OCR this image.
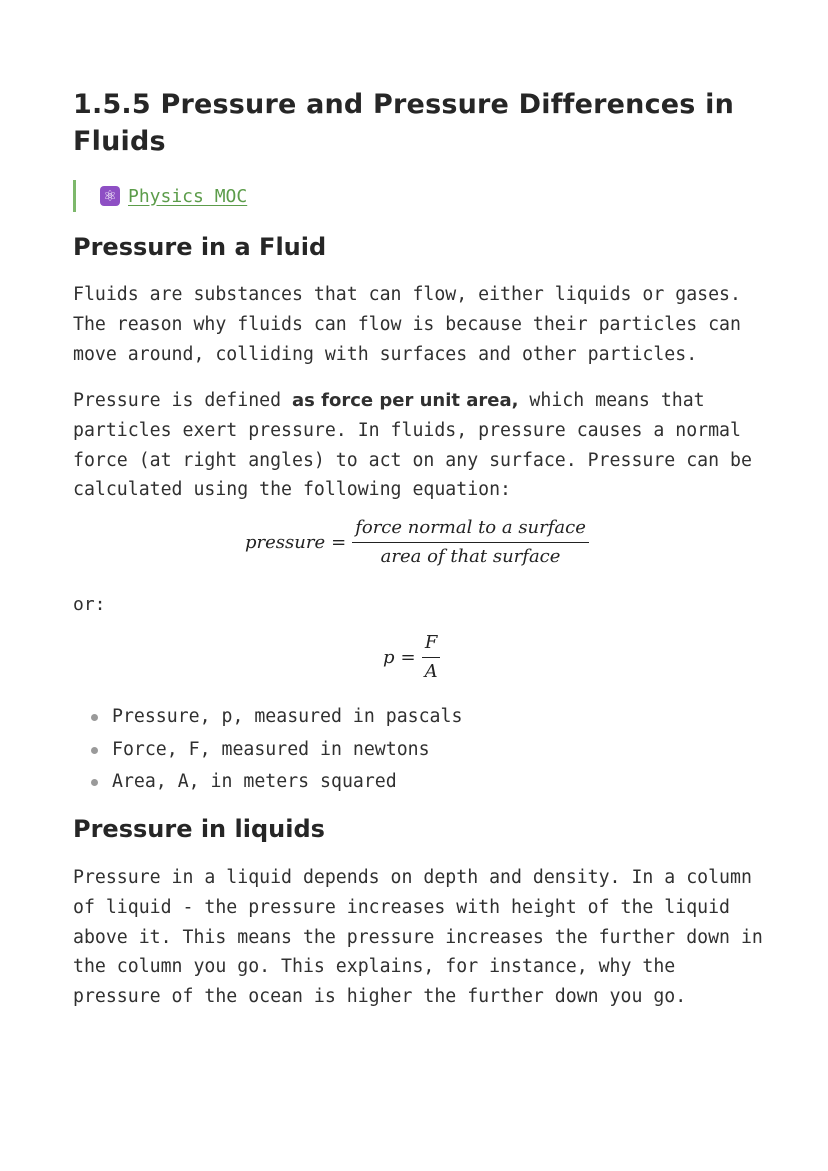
1.5.5 Pressure and Pressure Differences in Fluids
⚛ Physics MOC
Pressure in a Fluid

Fluids are substances that can flow, either liquids or gases. The reason why fluids can flow is because their particles can move around, colliding with surfaces and other particles.

Pressure is defined as force per unit area, which means that particles exert pressure. In fluids, pressure causes a normal force (at right angles) to act on any surface. Pressure can be calculated using the following equation:

pressure = $\frac{\text{force normal to a surface}}{\text{area of that surface}}$
or:
$p = \frac{F}{A}$
Pressure, p, measured in pascals
Force, F, measured in newtons
Area, A, in meters squared
Pressure in liquids

Pressure in a liquid depends on depth and density. In a column of liquid - the pressure increases with height of the liquid above it. This means the pressure increases the further down in the column you go. This explains, for instance, why the pressure of the ocean is higher the further down you go.
